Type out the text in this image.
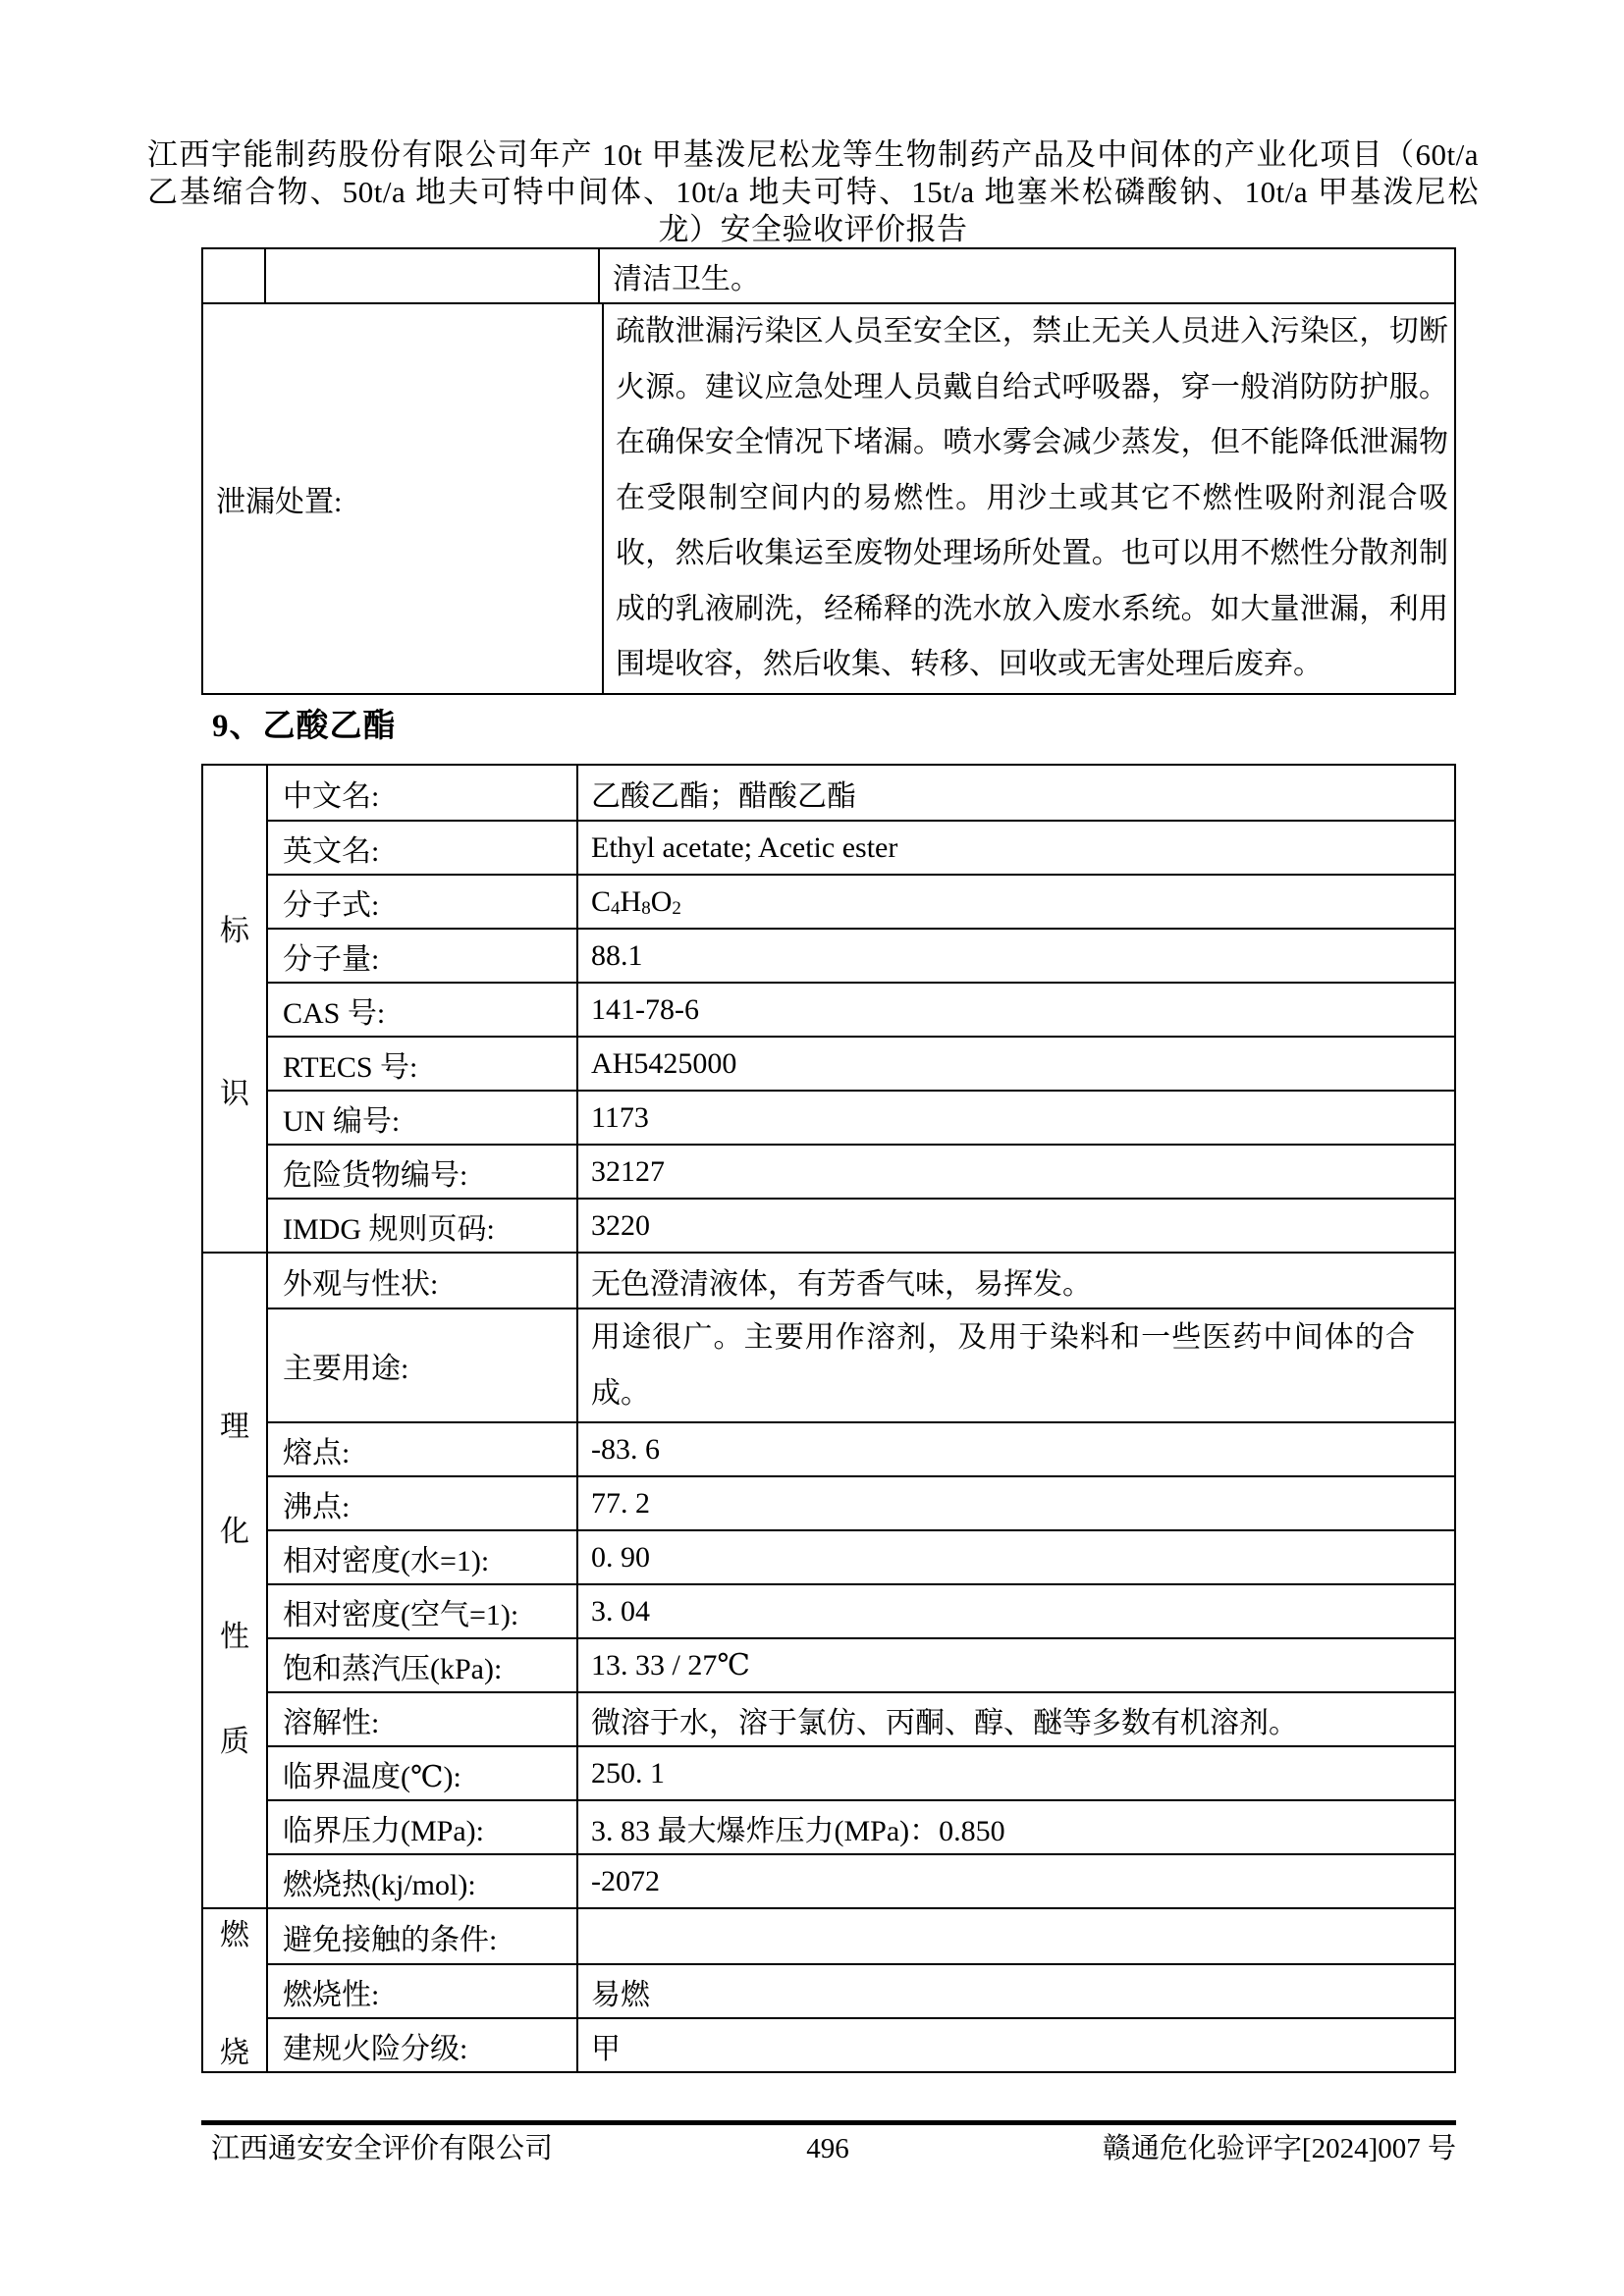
江西宇能制药股份有限公司年产 10t 甲基泼尼松龙等生物制药产品及中间体的产业化项目（60t/a
乙基缩合物、50t/a 地夫可特中间体、10t/a 地夫可特、15t/a 地塞米松磷酸钠、10t/a 甲基泼尼松
龙）安全验收评价报告
清洁卫生。
泄漏处置:
疏散泄漏污染区人员至安全区，禁止无关人员进入污染区，切断火源。建议应急处理人员戴自给式呼吸器，穿一般消防防护服。在确保安全情况下堵漏。喷水雾会减少蒸发，但不能降低泄漏物在受限制空间内的易燃性。用沙土或其它不燃性吸附剂混合吸收，然后收集运至废物处理场所处置。也可以用不燃性分散剂制成的乳液刷洗，经稀释的洗水放入废水系统。如大量泄漏，利用围堤收容，然后收集、转移、回收或无害处理后废弃。
9、乙酸乙酯
标
识
中文名:	乙酸乙酯；醋酸乙酯
英文名:	Ethyl acetate; Acetic ester
分子式:	$C_4$ $H_8$ $O_2$
分子量:	88.1
CAS 号:	141-78-6
RTECS 号:	AH5425000
UN 编号:	1173
危险货物编号:	32127
IMDG 规则页码:	3220
理
化
性
质
外观与性状:	无色澄清液体，有芳香气味，易挥发。
主要用途:
用途很广。主要用作溶剂，及用于染料和一些医药中间体的合成。
熔点:	-83. 6
沸点:	77. 2
相对密度(水=1):	0. 90
相对密度(空气=1):	3. 04
饱和蒸汽压(kPa):	13. 33 / 27℃
溶解性:	微溶于水，溶于氯仿、丙酮、醇、醚等多数有机溶剂。
临界温度(℃):	250. 1
临界压力(MPa):	3. 83 最大爆炸压力(MPa)：0.850
燃烧热(kj/mol):	-2072
燃
烧
避免接触的条件:
燃烧性:	易燃
建规火险分级:	甲
江西通安安全评价有限公司	496	赣通危化验评字[2024]007 号
